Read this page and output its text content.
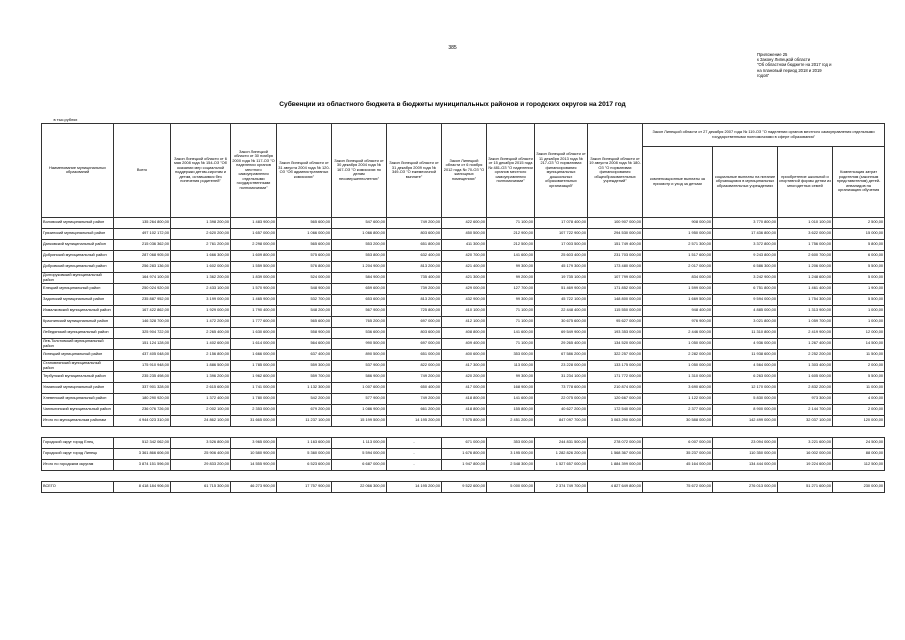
385
Приложение 25
к Закону Липецкой области
"Об областном бюджете на 2017 год и
на плановый период 2018 и 2019
годов"
Субвенции из областного бюджета в бюджеты муниципальных районов и городских округов на 2017 год
в тыс.рублях														
Наименование муниципальных образований	Всего	Закон Липецкой области от 6 мая 2008 года № 154-ОЗ "Об оказании мер социальной поддержки детям-сиротам и детям, оставшимся без попечения родителей"	Закон Липецкой области от 30 ноября 2000 года № 117-ОЗ "О наделении органов местного самоуправления отдельными государственными полномочиями"	Закон Липецкой области от 31 августа 2004 года № 120-ОЗ "Об административных комиссиях"	Закон Липецкой области от 30 декабря 2004 года № 167-ОЗ "О комиссиях по делам несовершеннолетних"	Закон Липецкой области от 31 декабря 2009 года № 349-ОЗ "О ежемесячной выплате"	Закон Липецкой области от 6 ноября 2012 года № 70-ОЗ "О жилищных помещениях"	Закон Липецкой области от 15 декабря 2015 года № 481-ОЗ "О наделении органов местного самоуправления полномочиями"	Закон Липецкой области от 11 декабря 2013 года № 217-ОЗ "О нормативах финансирования муниципальных дошкольных образовательных организаций"	Закон Липецкой области от 19 августа 2008 года № 180-ОЗ "О нормативах финансирования общеобразовательных учреждений"	Закон Липецкой области от 27 декабря 2007 года № 119-ОЗ "О наделении органов местного самоуправления отдельными государственными полномочиями в сфере образования"			
											компенсационные выплаты за присмотр и уход за детьми	социальные выплаты на питание обучающимся в муниципальных образовательных учреждениях	приобретение школьной и спортивной формы детям из многодетных семей	Компенсация затрат родителям (законным представителям) детей-инвалидов на организацию обучения
Воловский муниципальный район	135 264 800,00	1 398 200,00	1 483 900,00	565 600,00	547 600,00	749 200,00	422 600,00	71 100,00	17 078 400,00	100 907 000,00	908 000,00	3 770 800,00	1 010 100,00	2 500,00
Грязинский муниципальный район	497 102 172,00	2 620 200,00	1 657 000,00	1 066 000,00	1 066 800,00	803 600,00	450 500,00	212 900,00	107 722 900,00	294 530 000,00	1 950 000,00	17 436 800,00	3 622 000,00	15 000,00
Данковский муниципальный район	215 036 362,00	2 761 200,00	2 298 000,00	565 600,00	553 200,00	651 800,00	411 300,00	212 500,00	17 003 500,00	151 749 400,00	2 571 300,00	3 372 800,00	1 756 000,00	5 800,00
Добринский муниципальный район	287 068 905,00	1 666 300,00	1 609 800,00	575 600,00	553 800,00	632 400,00	420 700,00	141 600,00	25 603 400,00	231 703 000,00	1 517 600,00	9 243 800,00	2 600 700,00	6 000,00
Добровский муниципальный район	256 283 136,00	1 602 000,00	1 559 500,00	576 800,00	1 204 900,00	813 200,00	421 400,00	99 300,00	45 179 300,00	173 480 000,00	2 017 000,00	6 586 300,00	1 206 000,00	5 500,00
Долгоруковский муниципальный район	164 974 100,00	1 362 200,00	1 839 000,00	524 000,00	584 900,00	735 400,00	421 300,00	99 200,00	19 735 100,00	107 799 000,00	834 000,00	3 242 900,00	1 248 600,00	5 000,00
Елецкий муниципальный район	250 024 920,00	2 433 100,00	1 570 900,00	548 900,00	659 600,00	739 200,00	429 000,00	127 700,00	51 469 900,00	171 852 000,00	1 599 000,00	6 751 800,00	1 461 400,00	1 900,00
Задонский муниципальный район	235 887 952,00	3 199 000,00	1 465 900,00	532 700,00	653 600,00	813 200,00	432 900,00	99 300,00	45 722 100,00	148 800 000,00	1 669 500,00	9 594 000,00	1 754 300,00	5 500,00
Измалковский муниципальный район	167 422 862,00	1 929 000,00	1 790 400,00	548 200,00	567 900,00	725 800,00	410 100,00	71 100,00	22 448 400,00	115 550 000,00	948 400,00	4 885 000,00	1 313 900,00	1 000,00
Краснинский муниципальный район	146 328 700,00	1 472 200,00	1 777 600,00	565 600,00	765 200,00	697 000,00	412 100,00	71 100,00	30 675 600,00	95 627 000,00	976 900,00	3 021 800,00	1 059 700,00	1 000,00
Лебедянский муниципальный район	325 904 722,00	2 265 400,00	1 630 600,00	558 900,00	536 600,00	803 600,00	408 800,00	141 600,00	69 549 900,00	193 353 000,00	2 446 000,00	11 310 800,00	2 419 900,00	12 000,00
Лев-Толстовский муниципальный район	151 124 128,00	1 402 600,00	1 614 000,00	564 600,00	990 500,00	697 000,00	409 400,00	71 100,00	29 265 400,00	134 520 000,00	1 050 000,00	4 936 000,00	1 267 400,00	14 500,00
Липецкий муниципальный район	437 405 048,00	2 156 800,00	1 666 000,00	637 400,00	890 500,00	651 000,00	400 600,00	353 000,00	67 586 200,00	322 257 000,00	2 282 000,00	11 938 600,00	2 252 200,00	11 500,00
Становлянский муниципальный район	175 910 948,00	1 886 500,00	1 785 000,00	559 300,00	537 900,00	822 000,00	417 300,00	113 000,00	23 228 000,00	133 175 000,00	1 050 000,00	4 564 000,00	1 303 400,00	2 000,00
Тербунский муниципальный район	235 235 498,00	1 396 200,00	1 962 600,00	559 700,00	586 900,00	749 200,00	420 200,00	99 300,00	31 234 100,00	171 772 000,00	1 310 000,00	6 263 000,00	1 605 000,00	5 500,00
Усманский муниципальный район	337 901 328,00	2 615 600,00	1 741 000,00	1 132 300,00	1 007 600,00	650 400,00	417 000,00	168 900,00	73 778 600,00	210 874 000,00	3 690 600,00	12 170 000,00	2 832 200,00	11 000,00
Хлевенский муниципальный район	180 290 920,00	1 372 400,00	1 780 000,00	542 200,00	577 900,00	749 200,00	418 800,00	141 600,00	22 075 000,00	120 667 000,00	1 122 000,00	5 830 000,00	973 300,00	4 000,00
Чаплыгинский муниципальный район	236 076 726,00	2 002 100,00	2 353 000,00	679 200,00	1 086 900,00	661 200,00	418 800,00	155 800,00	40 627 200,00	172 540 000,00	2 377 000,00	8 900 000,00	2 144 700,00	2 000,00
Итого по муниципальным районам	4 944 023 310,00	24 862 100,00	31 665 000,00	11 237 100,00	15 199 500,00	14 195 200,00	7 575 800,00	2 451 200,00	847 097 700,00	3 063 290 000,00	30 588 000,00	142 499 000,00	32 037 100,00	120 000,00

Городской округ город Елец	512 342 062,00	3 526 800,00	3 965 000,00	1 163 600,00	1 113 000,00	-	671 000,00	353 000,00	244 831 500,00	278 072 000,00	6 007 000,00	23 094 000,00	3 221 600,00	24 500,00
Городской округ город Липецк	3 361 866 606,00	25 906 400,00	10 580 900,00	5 360 000,00	5 594 000,00	-	1 676 800,00	3 195 000,00	1 282 826 200,00	1 568 367 000,00	35 237 000,00	110 350 000,00	16 002 000,00	88 000,00
Итого по городским округам	3 874 151 596,00	29 833 200,00	14 555 900,00	6 523 600,00	6 687 000,00	-	1 947 800,00	2 548 300,00	1 527 657 000,00	1 884 399 000,00	45 164 000,00	134 444 000,00	19 224 600,00	112 500,00

ВСЕГО	8 418 184 906,00	61 715 300,00	46 273 900,00	17 757 900,00	22 066 300,00	14 195 200,00	9 522 600,00	5 000 000,00	2 374 749 700,00	4 827 649 800,00	75 672 000,00	276 013 000,00	51 271 600,00	230 000,00
